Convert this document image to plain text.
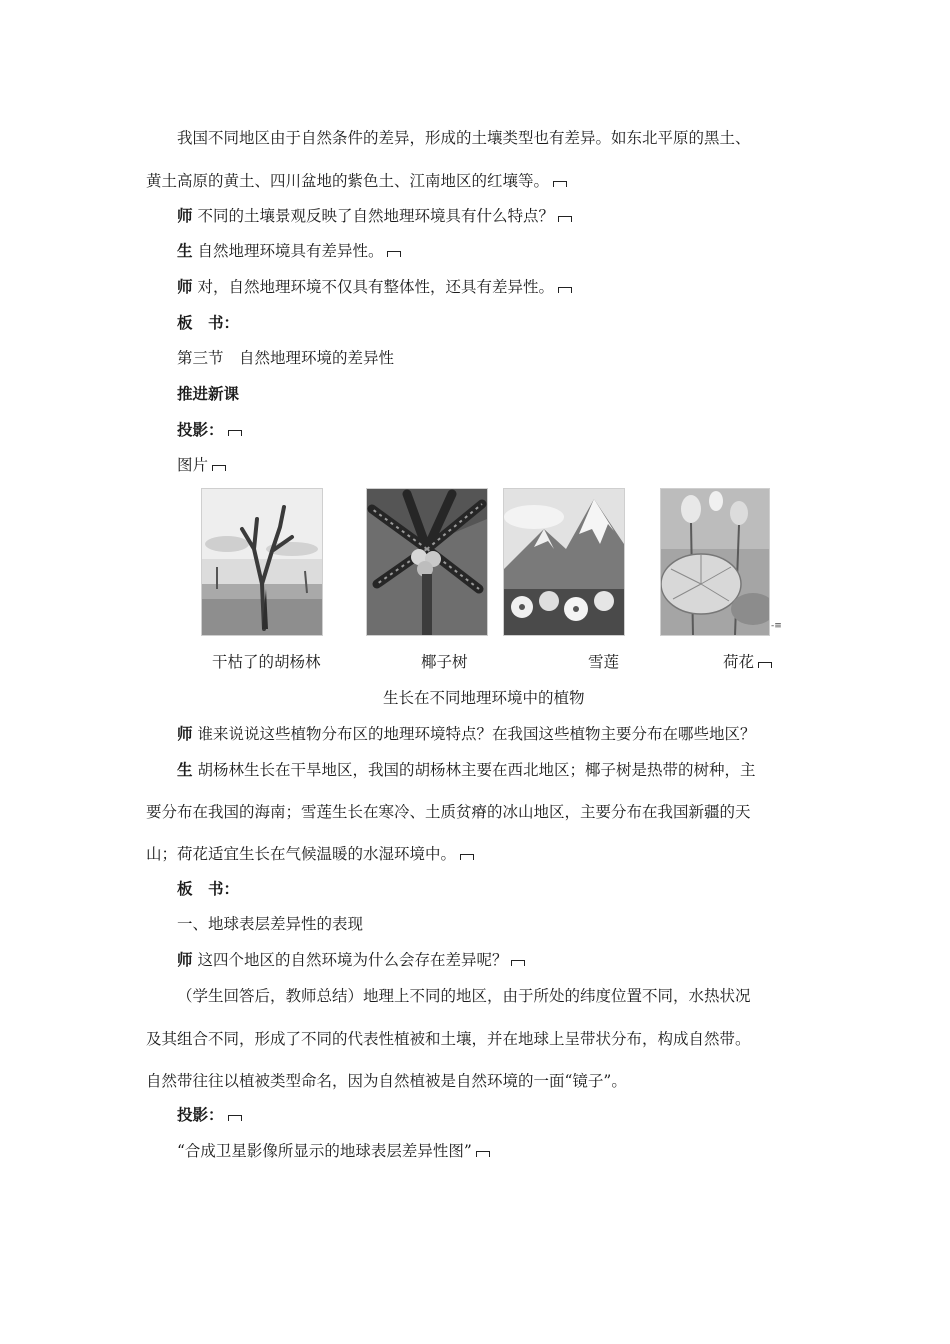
我国不同地区由于自然条件的差异，形成的土壤类型也有差异。如东北平原的黑土、
黄土高原的黄土、四川盆地的紫色土、江南地区的红壤等。
师 不同的土壤景观反映了自然地理环境具有什么特点？
生 自然地理环境具有差异性。
师 对，自然地理环境不仅具有整体性，还具有差异性。
板　书：
第三节　自然地理环境的差异性
推进新课
投影：
图片
-≡
干枯了的胡杨林	椰子树	雪莲	荷花
生长在不同地理环境中的植物
师 谁来说说这些植物分布区的地理环境特点？在我国这些植物主要分布在哪些地区？
生 胡杨林生长在干旱地区，我国的胡杨林主要在西北地区；椰子树是热带的树种，主
要分布在我国的海南；雪莲生长在寒冷、土质贫瘠的冰山地区，主要分布在我国新疆的天
山；荷花适宜生长在气候温暖的水湿环境中。
板　书：
一、地球表层差异性的表现
师 这四个地区的自然环境为什么会存在差异呢？
（学生回答后，教师总结）地理上不同的地区，由于所处的纬度位置不同，水热状况
及其组合不同，形成了不同的代表性植被和土壤，并在地球上呈带状分布，构成自然带。
自然带往往以植被类型命名，因为自然植被是自然环境的一面“镜子”。
投影：
“合成卫星影像所显示的地球表层差异性图”
